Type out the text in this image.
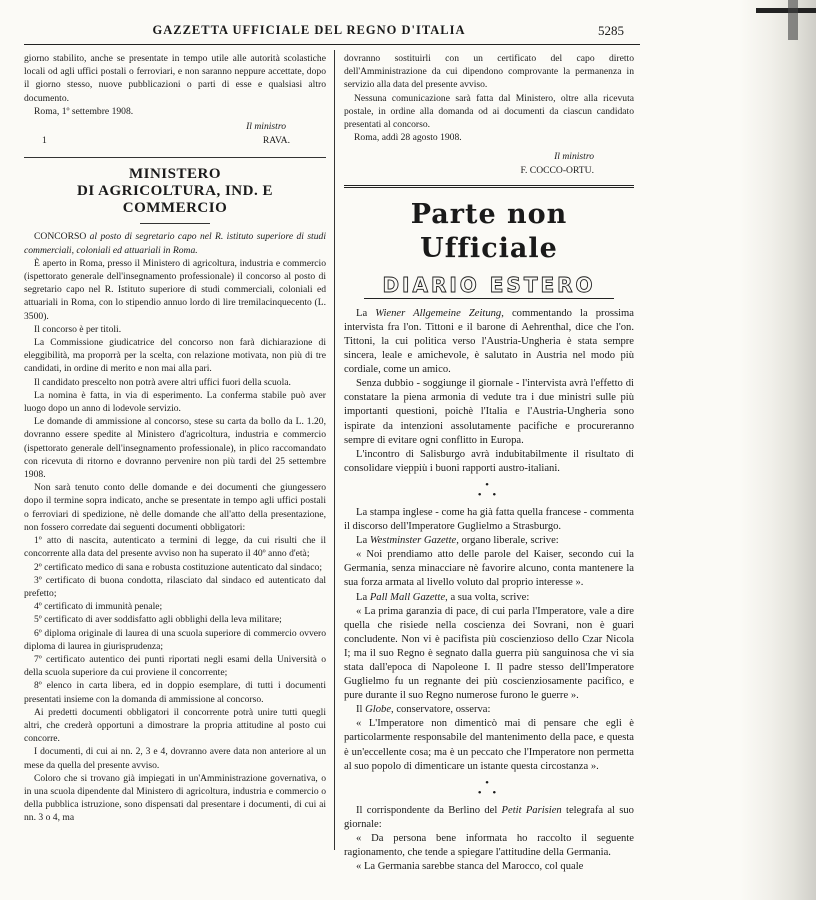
GAZZETTA UFFICIALE DEL REGNO D'ITALIA	5285

giorno stabilito, anche se presentate in tempo utile alle autorità scolastiche locali od agli uffici postali o ferroviari, e non saranno neppure accettate, dopo il giorno stesso, nuove pubblicazioni o parti di esse e qualsiasi altro documento.

Roma, 1º settembre 1908.

Il ministro
1	RAVA.
MINISTERO
DI AGRICOLTURA, IND. E COMMERCIO

CONCORSO al posto di segretario capo nel R. istituto superiore di studi commerciali, coloniali ed attuariali in Roma.

È aperto in Roma, presso il Ministero di agricoltura, industria e commercio (ispettorato generale dell'insegnamento professionale) il concorso al posto di segretario capo nel R. Istituto superiore di studi commerciali, coloniali ed attuariali in Roma, con lo stipendio annuo lordo di lire tremilacinquecento (L. 3500).

Il concorso è per titoli.

La Commissione giudicatrice del concorso non farà dichiarazione di eleggibilità, ma proporrà per la scelta, con relazione motivata, non più di tre candidati, in ordine di merito e non mai alla pari.

Il candidato prescelto non potrà avere altri uffici fuori della scuola.

La nomina è fatta, in via di esperimento. La conferma stabile può aver luogo dopo un anno di lodevole servizio.

Le domande di ammissione al concorso, stese su carta da bollo da L. 1.20, dovranno essere spedite al Ministero d'agricoltura, industria e commercio (ispettorato generale dell'insegnamento professionale), in plico raccomandato con ricevuta di ritorno e dovranno pervenire non più tardi del 25 settembre 1908.

Non sarà tenuto conto delle domande e dei documenti che giungessero dopo il termine sopra indicato, anche se presentate in tempo agli uffici postali o ferroviari di spedizione, nè delle domande che all'atto della presentazione, non fossero corredate dai seguenti documenti obbligatori:

1º atto di nascita, autenticato a termini di legge, da cui risulti che il concorrente alla data del presente avviso non ha superato il 40º anno d'età;

2º certificato medico di sana e robusta costituzione autenticato dal sindaco;

3º certificato di buona condotta, rilasciato dal sindaco ed autenticato dal prefetto;

4º certificato di immunità penale;

5º certificato di aver soddisfatto agli obblighi della leva militare;

6º diploma originale di laurea di una scuola superiore di commercio ovvero diploma di laurea in giurisprudenza;

7º certificato autentico dei punti riportati negli esami della Università o della scuola superiore da cui proviene il concorrente;

8º elenco in carta libera, ed in doppio esemplare, di tutti i documenti presentati insieme con la domanda di ammissione al concorso.

Ai predetti documenti obbligatori il concorrente potrà unire tutti quegli altri, che crederà opportuni a dimostrare la propria attitudine al posto cui concorre.

I documenti, di cui ai nn. 2, 3 e 4, dovranno avere data non anteriore al un mese da quella del presente avviso.

Coloro che si trovano già impiegati in un'Amministrazione governativa, o in una scuola dipendente dal Ministero di agricoltura, industria e commercio o della pubblica istruzione, sono dispensati dal presentare i documenti, di cui ai nn. 3 o 4, ma

dovranno sostituirli con un certificato del capo diretto dell'Amministrazione da cui dipendono comprovante la permanenza in servizio alla data del presente avviso.

Nessuna comunicazione sarà fatta dal Ministero, oltre alla ricevuta postale, in ordine alla domanda od ai documenti da ciascun candidato presentati al concorso.

Roma, addì 28 agosto 1908.

Il ministro
F. COCCO-ORTU.
Parte non Ufficiale
DIARIO ESTERO

La Wiener Allgemeine Zeitung, commentando la prossima intervista fra l'on. Tittoni e il barone di Aehrenthal, dice che l'on. Tittoni, la cui politica verso l'Austria-Ungheria è stata sempre sincera, leale e amichevole, è salutato in Austria nel modo più cordiale, come un amico.

Senza dubbio - soggiunge il giornale - l'intervista avrà l'effetto di constatare la piena armonia di vedute tra i due ministri sulle più importanti questioni, poichè l'Italia e l'Austria-Ungheria sono ispirate da intenzioni assolutamente pacifiche e procureranno sempre di evitare ogni conflitto in Europa.

L'incontro di Salisburgo avrà indubitabilmente il risultato di consolidare vieppiù i buoni rapporti austro-italiani.

•
• •

La stampa inglese - come ha già fatta quella francese - commenta il discorso dell'Imperatore Guglielmo a Strasburgo.

La Westminster Gazette, organo liberale, scrive:

« Noi prendiamo atto delle parole del Kaiser, secondo cui la Germania, senza minacciare nè favorire alcuno, conta mantenere la sua forza armata al livello voluto dal proprio interesse ».

La Pall Mall Gazette, a sua volta, scrive:

« La prima garanzia di pace, di cui parla l'Imperatore, vale a dire quella che risiede nella coscienza dei Sovrani, non è guari concludente. Non vi è pacifista più coscienzioso dello Czar Nicola I; ma il suo Regno è segnato dalla guerra più sanguinosa che vi sia stata dall'epoca di Napoleone I. Il padre stesso dell'Imperatore Guglielmo fu un regnante dei più coscienziosamente pacifico, e pure durante il suo Regno numerose furono le guerre ».

Il Globe, conservatore, osserva:

« L'Imperatore non dimenticò mai di pensare che egli è particolarmente responsabile del mantenimento della pace, e questa è un'eccellente cosa; ma è un peccato che l'Imperatore non permetta al suo popolo di dimenticare un istante questa circostanza ».

•
• •

Il corrispondente da Berlino del Petit Parisien telegrafa al suo giornale:

« Da persona bene informata ho raccolto il seguente ragionamento, che tende a spiegare l'attitudine della Germania.

« La Germania sarebbe stanca del Marocco, col quale
